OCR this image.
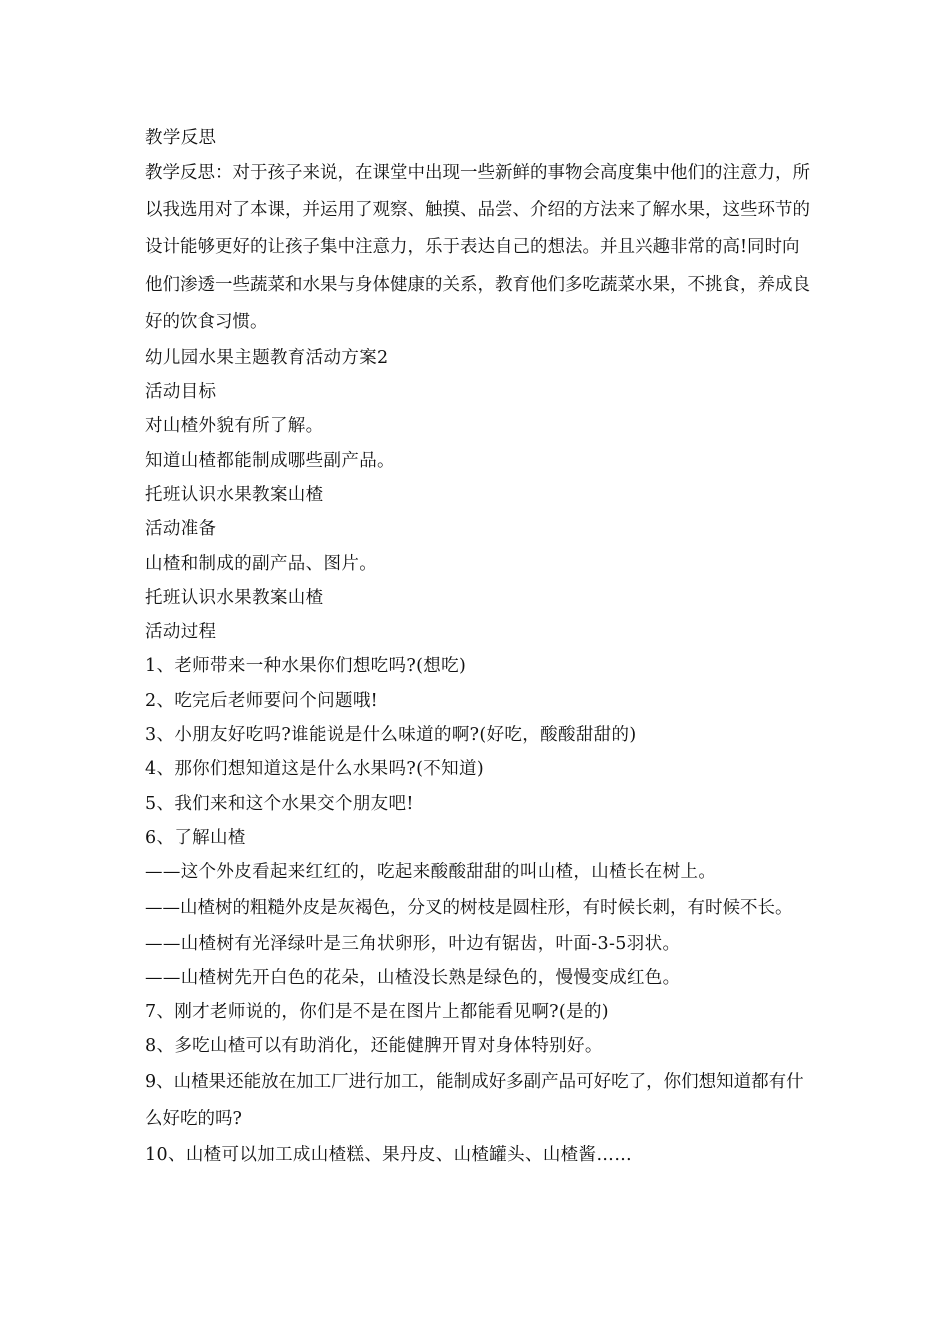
教学反思
教学反思：对于孩子来说，在课堂中出现一些新鲜的事物会高度集中他们的注意力，所以我选用对了本课，并运用了观察、触摸、品尝、介绍的方法来了解水果，这些环节的设计能够更好的让孩子集中注意力，乐于表达自己的想法。并且兴趣非常的高!同时向他们渗透一些蔬菜和水果与身体健康的关系，教育他们多吃蔬菜水果，不挑食，养成良好的饮食习惯。
幼儿园水果主题教育活动方案2
活动目标
对山楂外貌有所了解。
知道山楂都能制成哪些副产品。
托班认识水果教案山楂
活动准备
山楂和制成的副产品、图片。
托班认识水果教案山楂
活动过程
1、老师带来一种水果你们想吃吗?(想吃)
2、吃完后老师要问个问题哦!
3、小朋友好吃吗?谁能说是什么味道的啊?(好吃，酸酸甜甜的)
4、那你们想知道这是什么水果吗?(不知道)
5、我们来和这个水果交个朋友吧!
6、了解山楂
——这个外皮看起来红红的，吃起来酸酸甜甜的叫山楂，山楂长在树上。
——山楂树的粗糙外皮是灰褐色，分叉的树枝是圆柱形，有时候长刺，有时候不长。
——山楂树有光泽绿叶是三角状卵形，叶边有锯齿，叶面-3-5羽状。
——山楂树先开白色的花朵，山楂没长熟是绿色的，慢慢变成红色。
7、刚才老师说的，你们是不是在图片上都能看见啊?(是的)
8、多吃山楂可以有助消化，还能健脾开胃对身体特别好。
9、山楂果还能放在加工厂进行加工，能制成好多副产品可好吃了，你们想知道都有什么好吃的吗?
10、山楂可以加工成山楂糕、果丹皮、山楂罐头、山楂酱……
